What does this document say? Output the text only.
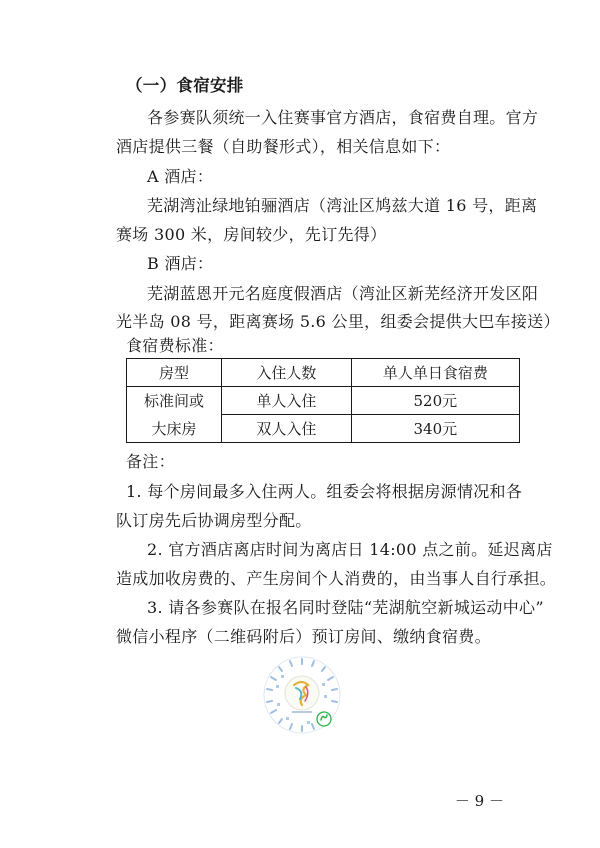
（一）食宿安排
各参赛队须统一入住赛事官方酒店，食宿费自理。官方
酒店提供三餐（自助餐形式），相关信息如下：
A 酒店：
芜湖湾沚绿地铂骊酒店（湾沚区鸠兹大道 16 号，距离
赛场 300 米，房间较少，先订先得）
B 酒店：
芜湖蓝恩开元名庭度假酒店（湾沚区新芜经济开发区阳
光半岛 08 号，距离赛场 5.6 公里，组委会提供大巴车接送）
食宿费标准：
房型	入住人数	单人单日食宿费
标准间或	单人入住	520元
大床房	双人入住	340元
备注：
1. 每个房间最多入住两人。组委会将根据房源情况和各
队订房先后协调房型分配。
2. 官方酒店离店时间为离店日 14:00 点之前。延迟离店
造成加收房费的、产生房间个人消费的，由当事人自行承担。
3. 请各参赛队在报名同时登陆“芜湖航空新城运动中心”
微信小程序（二维码附后）预订房间、缴纳食宿费。
－ 9 －
